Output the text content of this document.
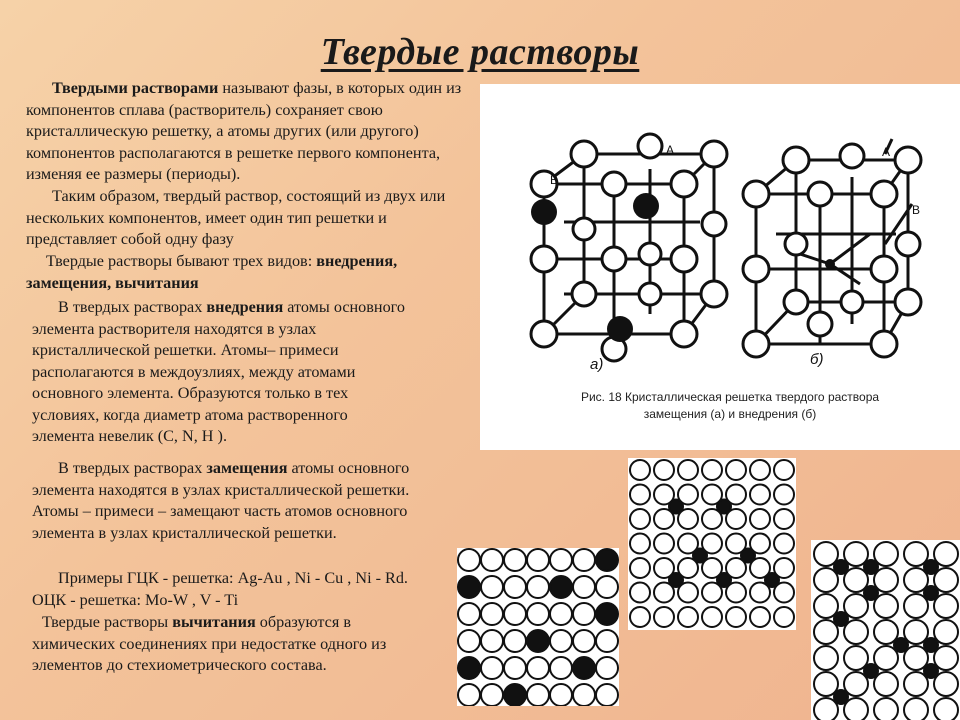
Твердые растворы

Твердыми растворами называют фазы, в которых один из компонентов сплава (растворитель) сохраняет свою кристаллическую решетку, а атомы других (или другого) компонентов располагаются в решетке первого компонента, изменяя ее размеры (периоды).

Таким образом, твердый раствор, состоящий из двух или нескольких компонентов, имеет один тип решетки и представляет собой одну фазу

Твердые растворы бывают трех видов: внедрения, замещения, вычитания

В твердых растворах внедрения атомы основного элемента растворителя находятся в узлах кристаллической решетки. Атомы– примеси располагаются в междоузлиях, между атомами основного элемента. Образуются только в тех условиях, когда диаметр атома растворенного элемента невелик (C, N, H ).

В твердых растворах замещения атомы основного элемента находятся в узлах кристаллической решетки. Атомы – примеси – замещают часть атомов основного элемента в узлах кристаллической решетки.

Примеры ГЦК - решетка: Ag-Au , Ni - Cu , Ni - Rd. ОЦК - решетка: Mo-W , V - Ti

Твердые растворы вычитания образуются в химических соединениях при недостатке одного из элементов до стехиометрического состава.

А
В
А
В
а)	б)
Рис. 18 Кристаллическая решетка твердого раствора
замещения (а) и внедрения (б)
